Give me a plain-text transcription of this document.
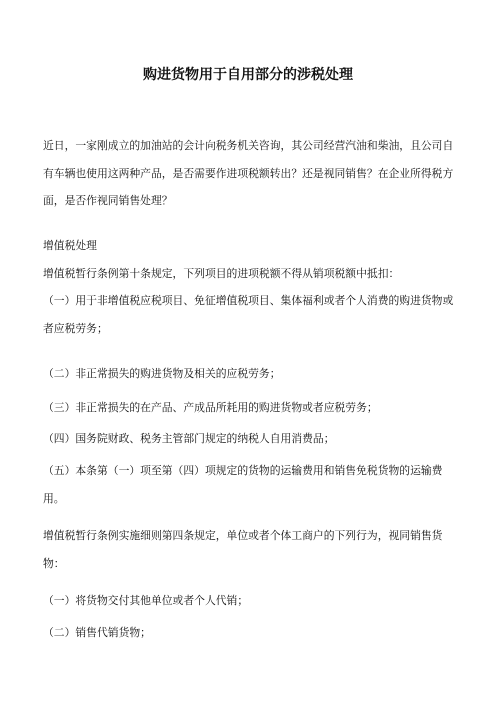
购进货物用于自用部分的涉税处理

近日，一家刚成立的加油站的会计向税务机关咨询，其公司经营汽油和柴油，且公司自有车辆也使用这两种产品，是否需要作进项税额转出？还是视同销售？在企业所得税方面，是否作视同销售处理？

增值税处理

增值税暂行条例第十条规定，下列项目的进项税额不得从销项税额中抵扣：

（一）用于非增值税应税项目、免征增值税项目、集体福利或者个人消费的购进货物或者应税劳务；

（二）非正常损失的购进货物及相关的应税劳务；

（三）非正常损失的在产品、产成品所耗用的购进货物或者应税劳务；

（四）国务院财政、税务主管部门规定的纳税人自用消费品；

（五）本条第（一）项至第（四）项规定的货物的运输费用和销售免税货物的运输费用。

增值税暂行条例实施细则第四条规定，单位或者个体工商户的下列行为，视同销售货物：

（一）将货物交付其他单位或者个人代销；

（二）销售代销货物；
